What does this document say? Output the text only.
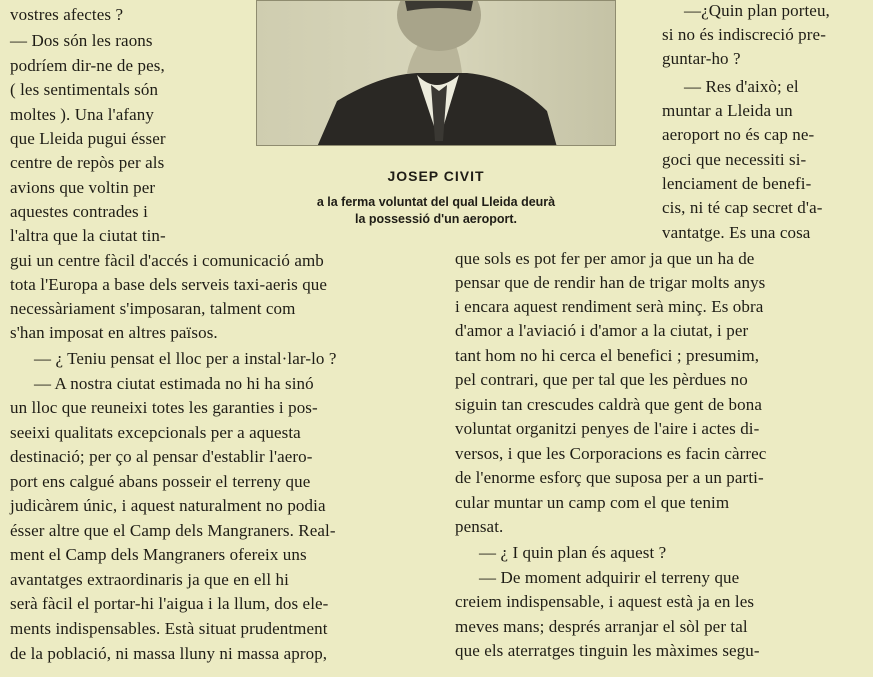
JOSEP CIVIT

a la ferma voluntat del qual Lleida deurà

la possessió d'un aeroport.

vostres afectes ?

— Dos són les raons

podríem dir-ne de pes,

( les sentimentals són

moltes ). Una l'afany

que Lleida pugui ésser

centre de repòs per als

avions que voltin per

aquestes contrades i

l'altra que la ciutat tin-

—¿Quin plan porteu,

si no és indiscreció pre-

guntar-ho ?

— Res d'això; el

muntar a Lleida un

aeroport no és cap ne-

goci que necessiti si-

lenciament de benefi-

cis, ni té cap secret d'a-

vantatge. Es una cosa

gui un centre fàcil d'accés i comunicació amb

tota l'Europa a base dels serveis taxi-aeris que

necessàriament s'imposaran, talment com

s'han imposat en altres països.

— ¿ Teniu pensat el lloc per a instal·lar-lo ?

— A nostra ciutat estimada no hi ha sinó

un lloc que reuneixi totes les garanties i pos-

seeixi qualitats excepcionals per a aquesta

destinació; per ço al pensar d'establir l'aero-

port ens calgué abans posseir el terreny que

judicàrem únic, i aquest naturalment no podia

ésser altre que el Camp dels Mangraners. Real-

ment el Camp dels Mangraners ofereix uns

avantatges extraordinaris ja que en ell hi

serà fàcil el portar-hi l'aigua i la llum, dos ele-

ments indispensables. Està situat prudentment

de la població, ni massa lluny ni massa aprop,

que sols es pot fer per amor ja que un ha de

pensar que de rendir han de trigar molts anys

i encara aquest rendiment serà minç. Es obra

d'amor a l'aviació i d'amor a la ciutat, i per

tant hom no hi cerca el benefici ; presumim,

pel contrari, que per tal que les pèrdues no

siguin tan crescudes caldrà que gent de bona

voluntat organitzi penyes de l'aire i actes di-

versos, i que les Corporacions es facin càrrec

de l'enorme esforç que suposa per a un parti-

cular muntar un camp com el que tenim

pensat.

— ¿ I quin plan és aquest ?

— De moment adquirir el terreny que

creiem indispensable, i aquest està ja en les

meves mans; després arranjar el sòl per tal

que els aterratges tinguin les màximes segu-
